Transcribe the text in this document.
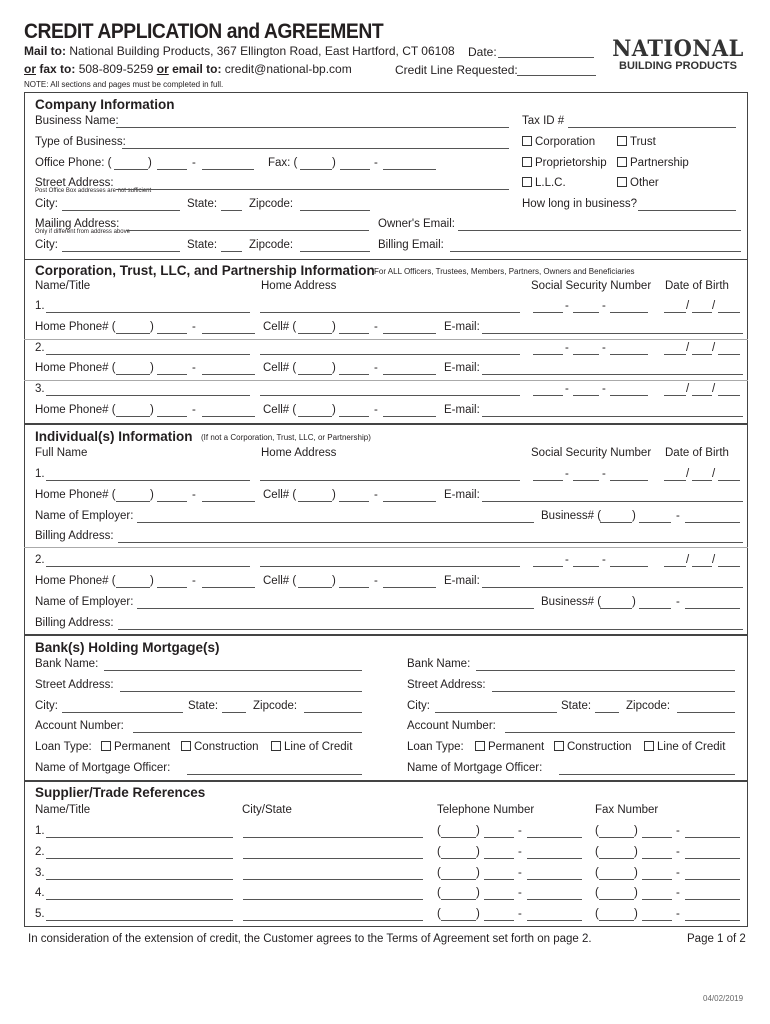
CREDIT APPLICATION and AGREEMENT
Mail to: National Building Products, 367 Ellington Road, East Hartford, CT 06108 Date:
or fax to: 508-809-5259 or email to: credit@national-bp.com	Credit Line Requested:
NOTE: All sections and pages must be completed in full.
NATIONAL
BUILDING PRODUCTS
Company Information
Business Name:	Tax ID #
Type of Business:	Corporation	Trust
Proprietorship	Partnership
L.L.C.	Other
Office Phone: (	)	-	Fax: (	)	-
Street Address:
Post Office Box addresses are not sufficient
City:	State:	Zipcode:	How long in business?
Mailing Address:
Only if different from address above
Owner's Email:
City:	State:	Zipcode:	Billing Email:
Corporation, Trust, LLC, and Partnership Information For ALL Officers, Trustees, Members, Partners, Owners and Beneficiaries
Name/Title	Home Address	Social Security Number Date of Birth
1.	-	-	/ /
Home Phone# (	)	-	Cell# (	)	-	E-mail:
2.	-	-	/ /
Home Phone# (	)	-	Cell# (	)	-	E-mail:
3.	-	-	/ /
Home Phone# (	)	-	Cell# (	)	-	E-mail:
Individual(s) Information (If not a Corporation, Trust, LLC, or Partnership)
Full Name	Home Address	Social Security Number Date of Birth
1.	-	-	/ /
Home Phone# (	)	-	Cell# (	)	-	E-mail:
Name of Employer:	Business# (	)	-
Billing Address:
2.	-	-	/ /
Home Phone# (	)	-	Cell# (	)	-	E-mail:
Name of Employer:	Business# (	)	-
Billing Address:
Bank(s) Holding Mortgage(s)
Bank Name:
Street Address:
City:	State:	Zipcode:
Account Number:
Loan Type:	Permanent	Construction	Line of Credit
Name of Mortgage Officer:
Bank Name:
Street Address:
City:	State:	Zipcode:
Account Number:
Loan Type:	Permanent	Construction	Line of Credit
Name of Mortgage Officer:
Supplier/Trade References
Name/Title	City/State	Telephone Number	Fax Number
1.	(	)	-	(	)	-
2.	(	)	-	(	)	-
3.	(	)	-	(	)	-
4.	(	)	-	(	)	-
5.	(	)	-	(	)	-
In consideration of the extension of credit, the Customer agrees to the Terms of Agreement set forth on page 2.	Page 1 of 2
04/02/2019
